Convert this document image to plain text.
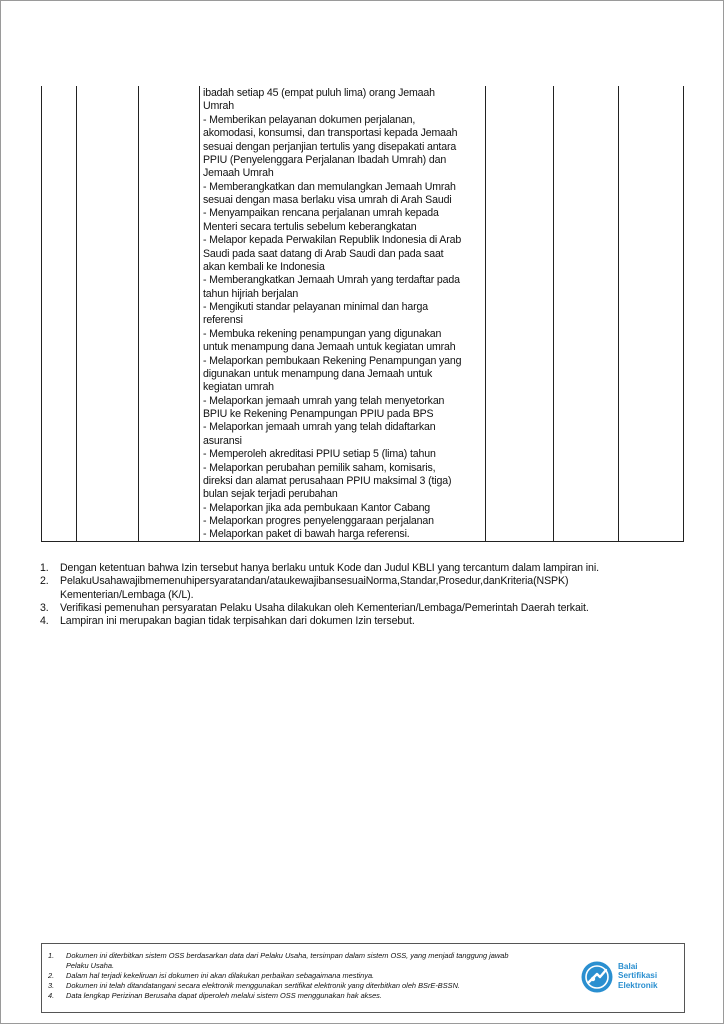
ibadah setiap 45 (empat puluh lima) orang Jemaah
Umrah
- Memberikan pelayanan dokumen perjalanan,
akomodasi, konsumsi, dan transportasi kepada Jemaah
sesuai dengan perjanjian tertulis yang disepakati antara
PPIU (Penyelenggara Perjalanan Ibadah Umrah) dan
Jemaah Umrah
- Memberangkatkan dan memulangkan Jemaah Umrah
sesuai dengan masa berlaku visa umrah di Arah Saudi
- Menyampaikan rencana perjalanan umrah kepada
Menteri secara tertulis sebelum keberangkatan
- Melapor kepada Perwakilan Republik Indonesia di Arab
Saudi pada saat datang di Arab Saudi dan pada saat
akan kembali ke Indonesia
- Memberangkatkan Jemaah Umrah yang terdaftar pada
tahun hijriah berjalan
- Mengikuti standar pelayanan minimal dan harga
referensi
- Membuka rekening penampungan yang digunakan
untuk menampung dana Jemaah untuk kegiatan umrah
- Melaporkan pembukaan Rekening Penampungan yang
digunakan untuk menampung dana Jemaah untuk
kegiatan umrah
- Melaporkan jemaah umrah yang telah menyetorkan
BPIU ke Rekening Penampungan PPIU pada BPS
- Melaporkan jemaah umrah yang telah didaftarkan
asuransi
- Memperoleh akreditasi PPIU setiap 5 (lima) tahun
- Melaporkan perubahan pemilik saham, komisaris,
direksi dan alamat perusahaan PPIU maksimal 3 (tiga)
bulan sejak terjadi perubahan
- Melaporkan jika ada pembukaan Kantor Cabang
- Melaporkan progres penyelenggaraan perjalanan
- Melaporkan paket di bawah harga referensi.
1. Dengan ketentuan bahwa Izin tersebut hanya berlaku untuk Kode dan Judul KBLI yang tercantum dalam lampiran ini.
2. PelakuUsahawajibmemenuhipersyaratandan/ataukewajibansesuaiNorma,Standar,Prosedur,danKriteria(NSPK)
Kementerian/Lembaga (K/L).
3. Verifikasi pemenuhan persyaratan Pelaku Usaha dilakukan oleh Kementerian/Lembaga/Pemerintah Daerah terkait.
4. Lampiran ini merupakan bagian tidak terpisahkan dari dokumen Izin tersebut.
1. Dokumen ini diterbitkan sistem OSS berdasarkan data dari Pelaku Usaha, tersimpan dalam sistem OSS, yang menjadi tanggung jawab
Pelaku Usaha.
2. Dalam hal terjadi kekeliruan isi dokumen ini akan dilakukan perbaikan sebagaimana mestinya.
3. Dokumen ini telah ditandatangani secara elektronik menggunakan sertifikat elektronik yang diterbitkan oleh BSrE-BSSN.
4. Data lengkap Perizinan Berusaha dapat diperoleh melalui sistem OSS menggunakan hak akses.
Balai
Sertifikasi
Elektronik
